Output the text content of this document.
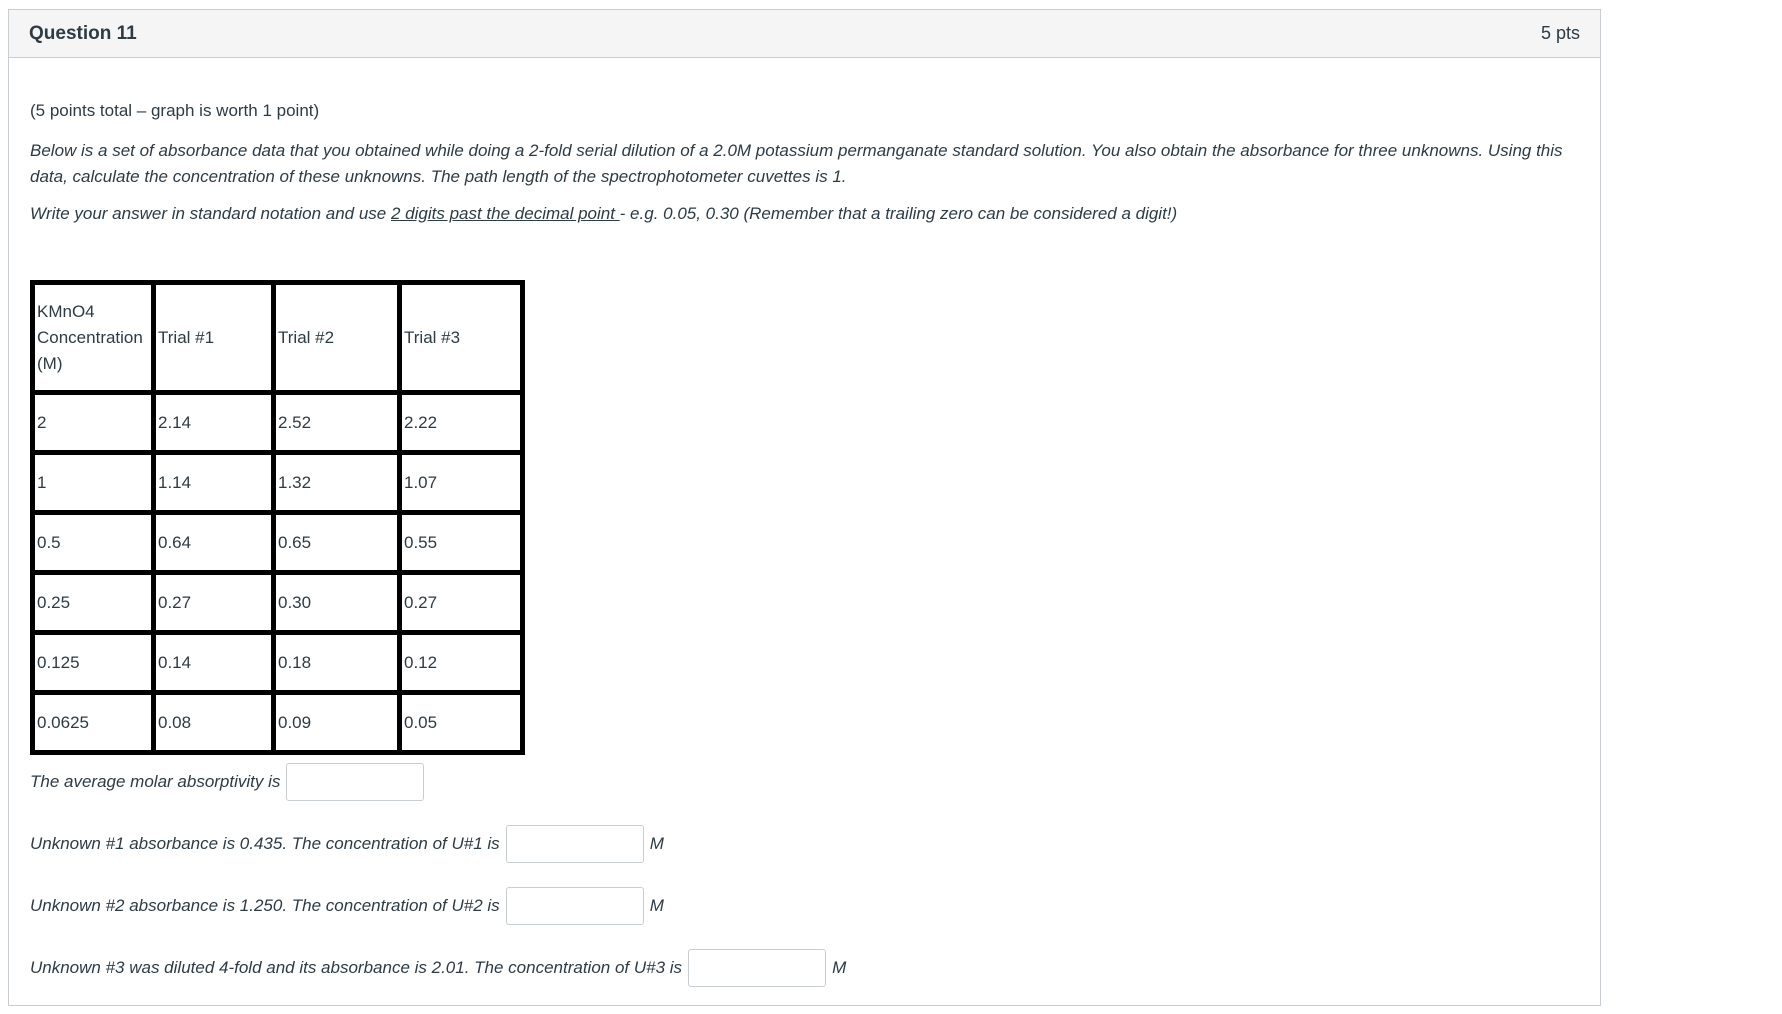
Question 11	5 pts
(5 points total – graph is worth 1 point)
Below is a set of absorbance data that you obtained while doing a 2-fold serial dilution of a 2.0M potassium permanganate standard solution. You also obtain the absorbance for three unknowns. Using this data, calculate the concentration of these unknowns. The path length of the spectrophotometer cuvettes is 1.
Write your answer in standard notation and use 2 digits past the decimal point - e.g. 0.05, 0.30 (Remember that a trailing zero can be considered a digit!)
KMnO4 Concentration (M)	Trial #1	Trial #2	Trial #3
2	2.14	2.52	2.22
1	1.14	1.32	1.07
0.5	0.64	0.65	0.55
0.25	0.27	0.30	0.27
0.125	0.14	0.18	0.12
0.0625	0.08	0.09	0.05
The average molar absorptivity is
Unknown #1 absorbance is 0.435. The concentration of U#1 is	M
Unknown #2 absorbance is 1.250. The concentration of U#2 is	M
Unknown #3 was diluted 4-fold and its absorbance is 2.01. The concentration of U#3 is	M
